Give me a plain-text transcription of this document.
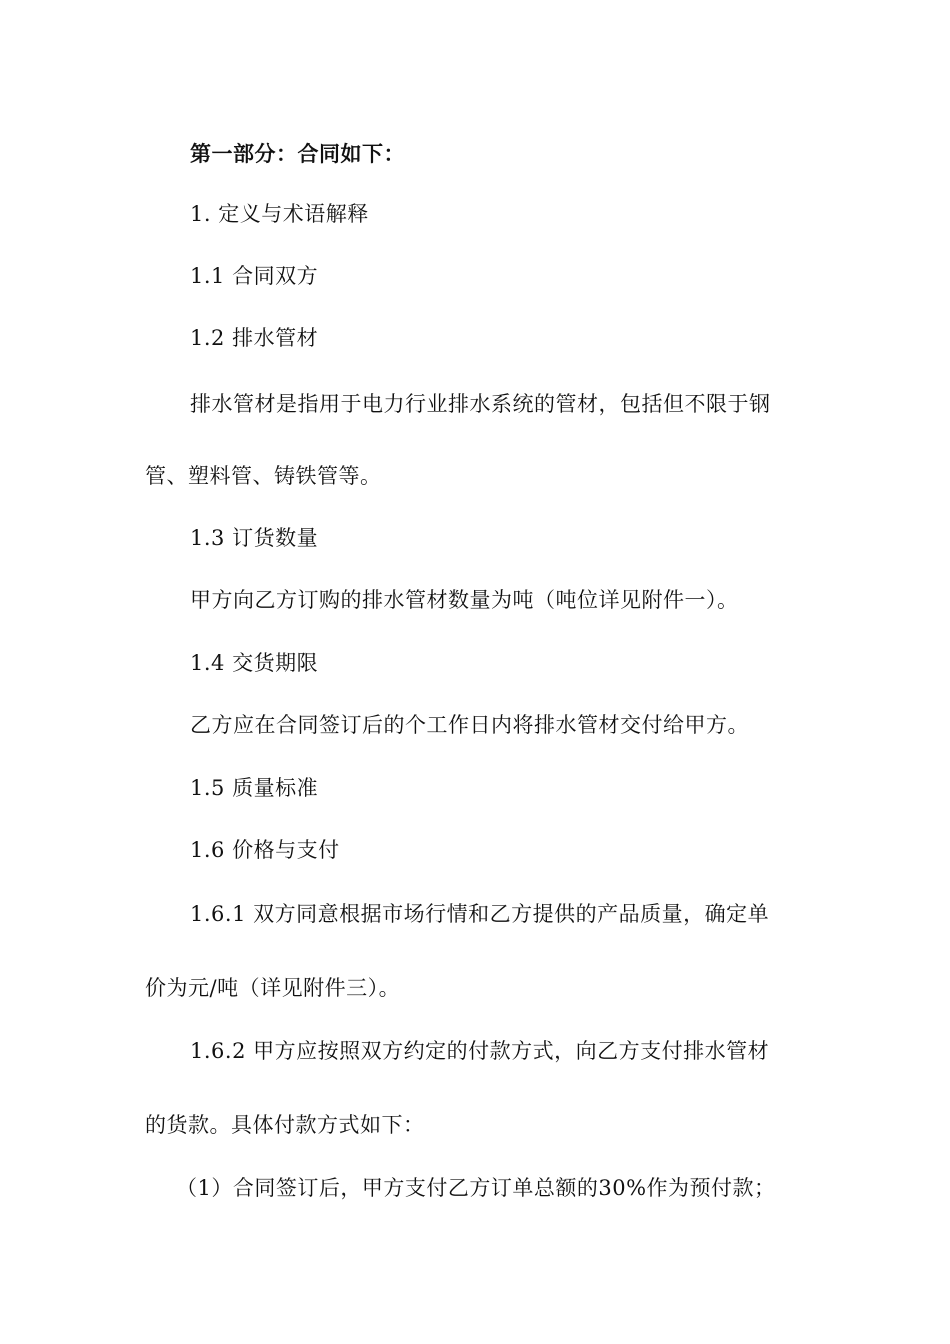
第一部分：合同如下：
1. 定义与术语解释
1.1 合同双方
1.2 排水管材
排水管材是指用于电力行业排水系统的管材，包括但不限于钢
管、塑料管、铸铁管等。
1.3 订货数量
甲方向乙方订购的排水管材数量为吨（吨位详见附件一）。
1.4 交货期限
乙方应在合同签订后的个工作日内将排水管材交付给甲方。
1.5 质量标准
1.6 价格与支付
1.6.1 双方同意根据市场行情和乙方提供的产品质量，确定单
价为元/吨（详见附件三）。
1.6.2 甲方应按照双方约定的付款方式，向乙方支付排水管材
的货款。具体付款方式如下：
（1）合同签订后，甲方支付乙方订单总额的30%作为预付款；
